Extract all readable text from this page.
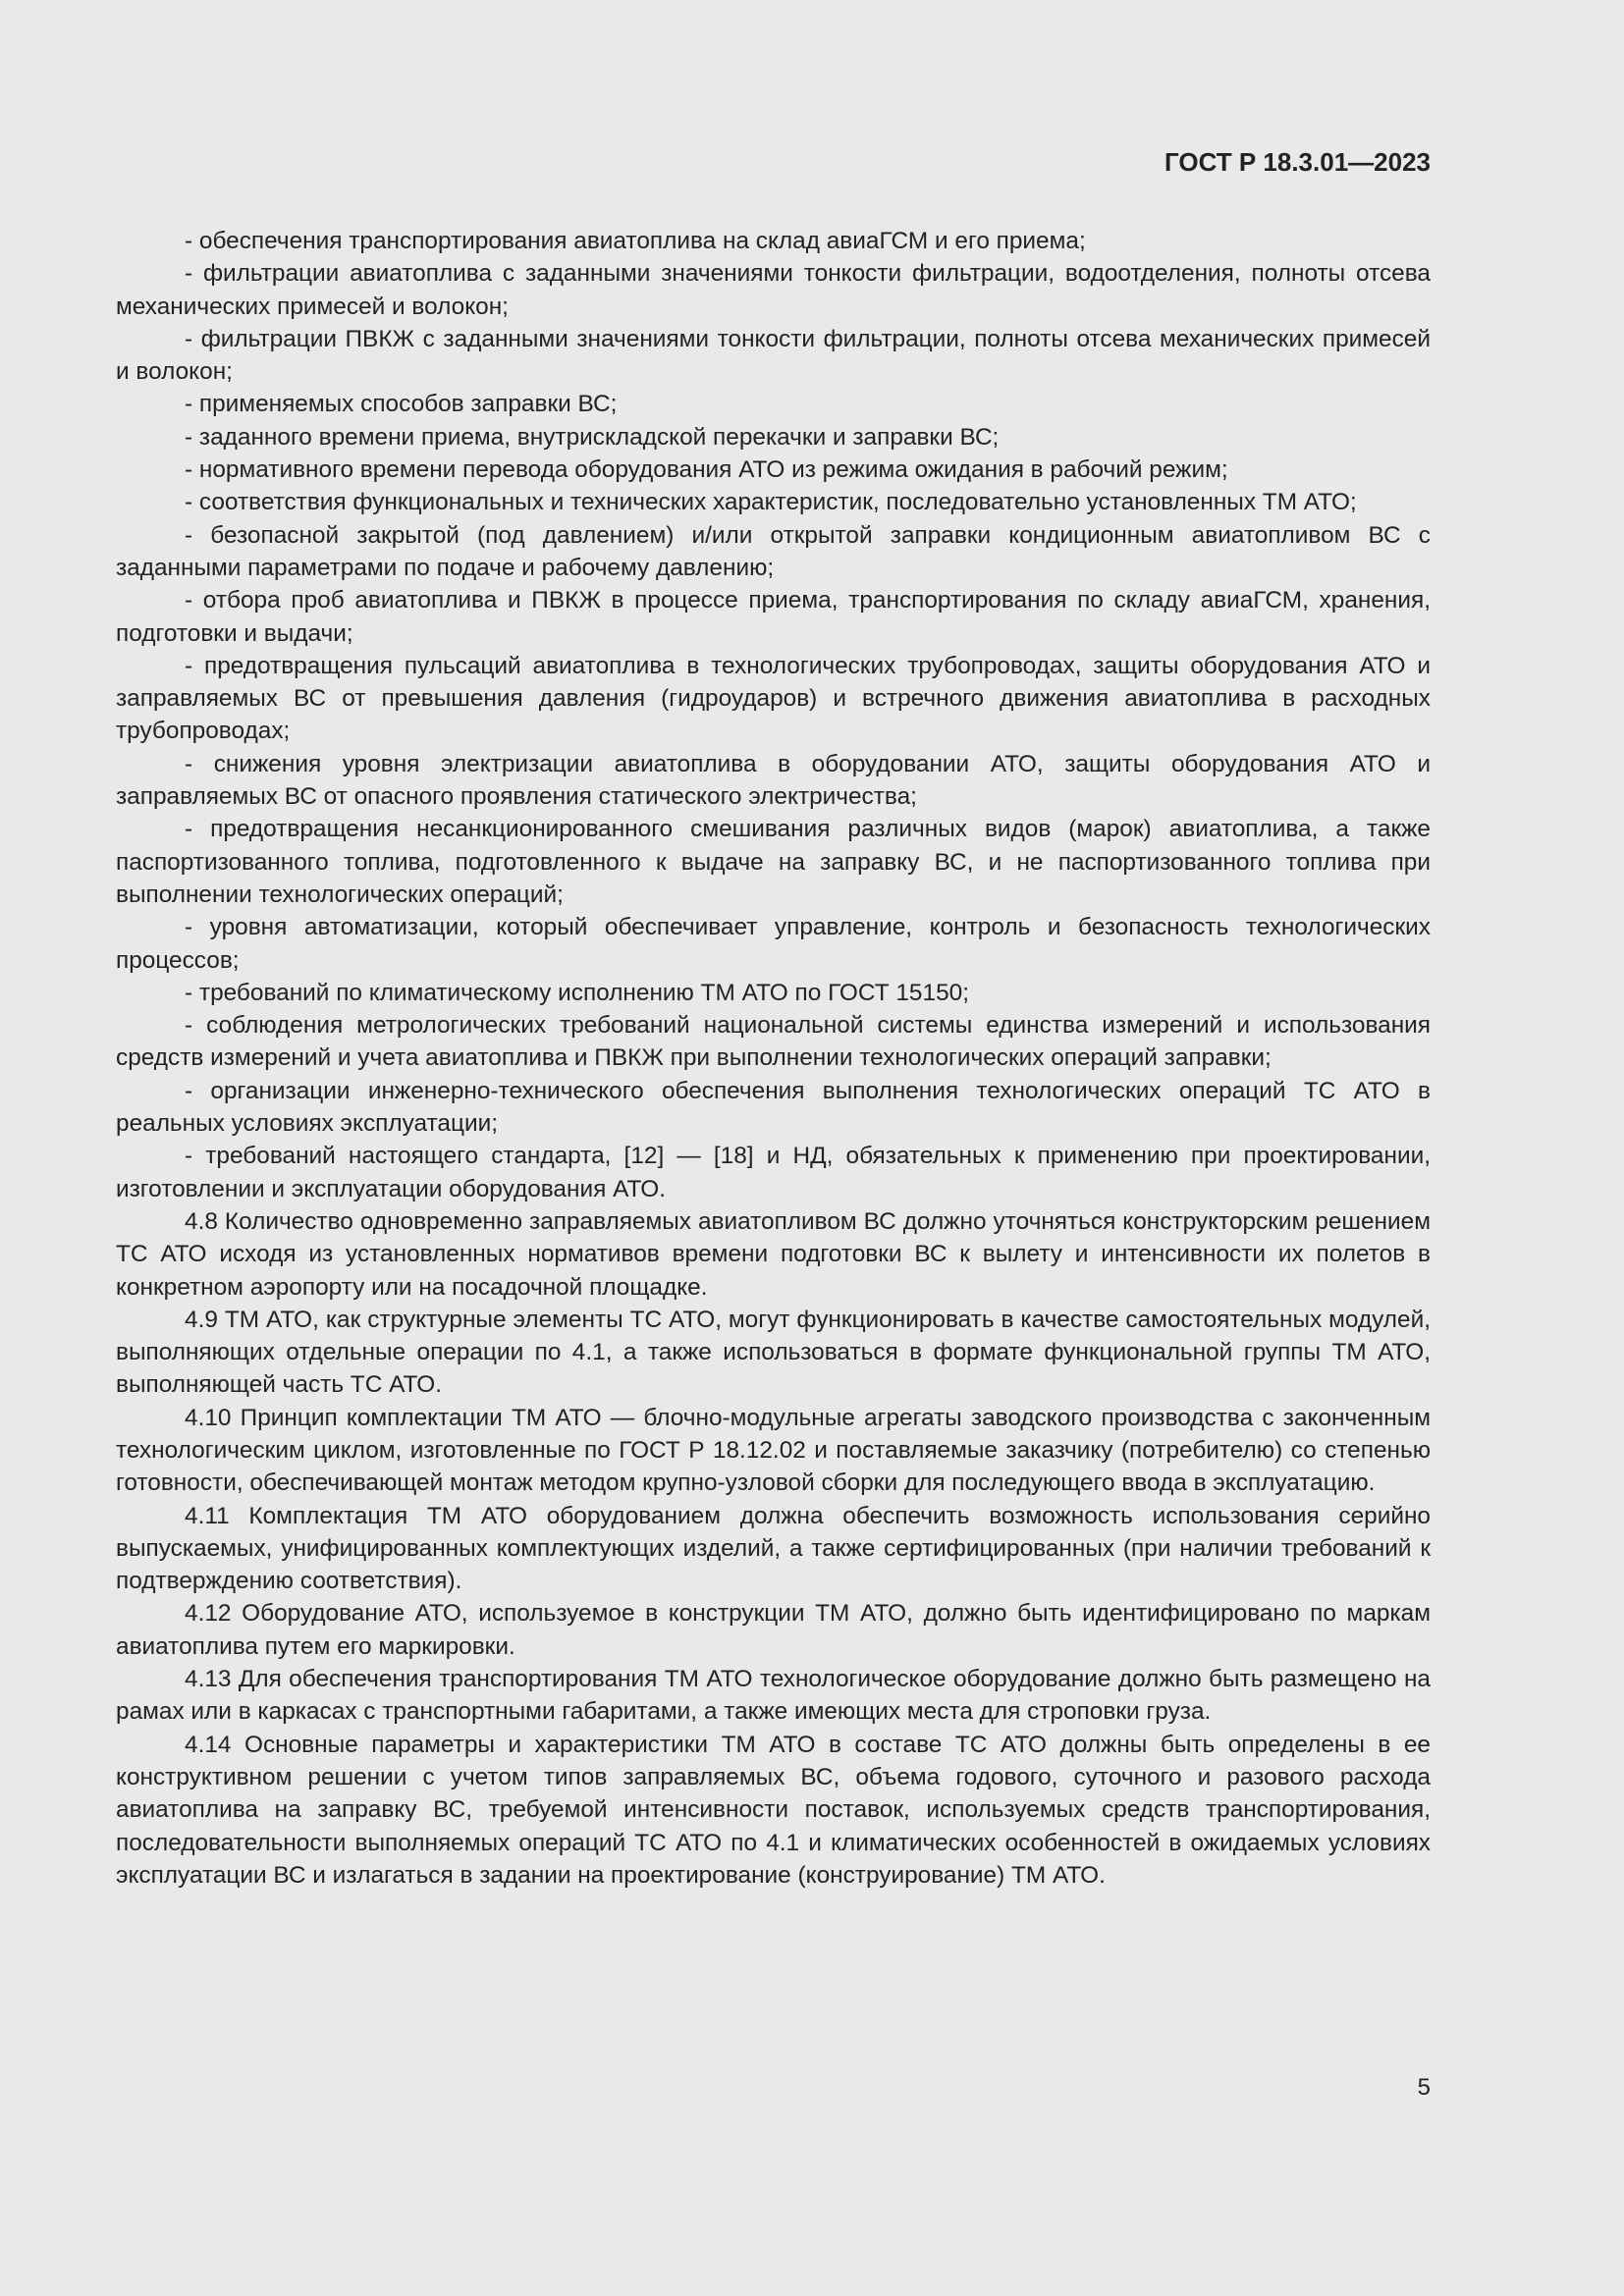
ГОСТ Р 18.3.01—2023

- обеспечения транспортирования авиатоплива на склад авиаГСМ и его приема;

- фильтрации авиатоплива с заданными значениями тонкости фильтрации, водоотделения, полноты отсева механических примесей и волокон;

- фильтрации ПВКЖ с заданными значениями тонкости фильтрации, полноты отсева механических примесей и волокон;

- применяемых способов заправки ВС;

- заданного времени приема, внутрискладской перекачки и заправки ВС;

- нормативного времени перевода оборудования АТО из режима ожидания в рабочий режим;

- соответствия функциональных и технических характеристик, последовательно установленных ТМ АТО;

- безопасной закрытой (под давлением) и/или открытой заправки кондиционным авиатопливом ВС с заданными параметрами по подаче и рабочему давлению;

- отбора проб авиатоплива и ПВКЖ в процессе приема, транспортирования по складу авиаГСМ, хранения, подготовки и выдачи;

- предотвращения пульсаций авиатоплива в технологических трубопроводах, защиты оборудования АТО и заправляемых ВС от превышения давления (гидроударов) и встречного движения авиатоплива в расходных трубопроводах;

- снижения уровня электризации авиатоплива в оборудовании АТО, защиты оборудования АТО и заправляемых ВС от опасного проявления статического электричества;

- предотвращения несанкционированного смешивания различных видов (марок) авиатоплива, а также паспортизованного топлива, подготовленного к выдаче на заправку ВС, и не паспортизованного топлива при выполнении технологических операций;

- уровня автоматизации, который обеспечивает управление, контроль и безопасность технологических процессов;

- требований по климатическому исполнению ТМ АТО по ГОСТ 15150;

- соблюдения метрологических требований национальной системы единства измерений и использования средств измерений и учета авиатоплива и ПВКЖ при выполнении технологических операций заправки;

- организации инженерно-технического обеспечения выполнения технологических операций ТС АТО в реальных условиях эксплуатации;

- требований настоящего стандарта, [12] — [18] и НД, обязательных к применению при проектировании, изготовлении и эксплуатации оборудования АТО.

4.8 Количество одновременно заправляемых авиатопливом ВС должно уточняться конструкторским решением ТС АТО исходя из установленных нормативов времени подготовки ВС к вылету и интенсивности их полетов в конкретном аэропорту или на посадочной площадке.

4.9 ТМ АТО, как структурные элементы ТС АТО, могут функционировать в качестве самостоятельных модулей, выполняющих отдельные операции по 4.1, а также использоваться в формате функциональной группы ТМ АТО, выполняющей часть ТС АТО.

4.10 Принцип комплектации ТМ АТО — блочно-модульные агрегаты заводского производства с законченным технологическим циклом, изготовленные по ГОСТ Р 18.12.02 и поставляемые заказчику (потребителю) со степенью готовности, обеспечивающей монтаж методом крупно-узловой сборки для последующего ввода в эксплуатацию.

4.11 Комплектация ТМ АТО оборудованием должна обеспечить возможность использования серийно выпускаемых, унифицированных комплектующих изделий, а также сертифицированных (при наличии требований к подтверждению соответствия).

4.12 Оборудование АТО, используемое в конструкции ТМ АТО, должно быть идентифицировано по маркам авиатоплива путем его маркировки.

4.13 Для обеспечения транспортирования ТМ АТО технологическое оборудование должно быть размещено на рамах или в каркасах с транспортными габаритами, а также имеющих места для строповки груза.

4.14 Основные параметры и характеристики ТМ АТО в составе ТС АТО должны быть определены в ее конструктивном решении с учетом типов заправляемых ВС, объема годового, суточного и разового расхода авиатоплива на заправку ВС, требуемой интенсивности поставок, используемых средств транспортирования, последовательности выполняемых операций ТС АТО по 4.1 и климатических особенностей в ожидаемых условиях эксплуатации ВС и излагаться в задании на проектирование (конструирование) ТМ АТО.

5
